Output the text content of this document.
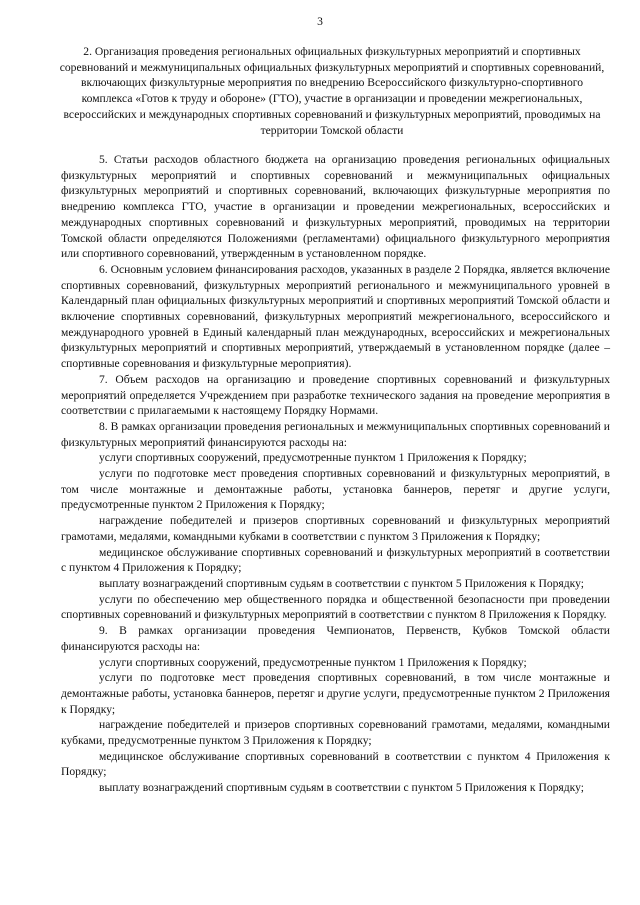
3
2. Организация проведения региональных официальных физкультурных мероприятий и спортивных соревнований и межмуниципальных официальных физкультурных мероприятий и спортивных соревнований, включающих физкультурные мероприятия по внедрению Всероссийского физкультурно-спортивного комплекса «Готов к труду и обороне» (ГТО), участие в организации и проведении межрегиональных, всероссийских и международных спортивных соревнований и физкультурных мероприятий, проводимых на территории Томской области

5. Статьи расходов областного бюджета на организацию проведения региональных официальных физкультурных мероприятий и спортивных соревнований и межмуниципальных официальных физкультурных мероприятий и спортивных соревнований, включающих физкультурные мероприятия по внедрению комплекса ГТО, участие в организации и проведении межрегиональных, всероссийских и международных спортивных соревнований и физкультурных мероприятий, проводимых на территории Томской области определяются Положениями (регламентами) официального физкультурного мероприятия или спортивного соревнований, утвержденным в установленном порядке.

6. Основным условием финансирования расходов, указанных в разделе 2 Порядка, является включение спортивных соревнований, физкультурных мероприятий регионального и межмуниципального уровней в Календарный план официальных физкультурных мероприятий и спортивных мероприятий Томской области и включение спортивных соревнований, физкультурных мероприятий межрегионального, всероссийского и международного уровней в Единый календарный план международных, всероссийских и межрегиональных физкультурных мероприятий и спортивных мероприятий, утверждаемый в установленном порядке (далее – спортивные соревнования и физкультурные мероприятия).

7. Объем расходов на организацию и проведение спортивных соревнований и физкультурных мероприятий определяется Учреждением при разработке технического задания на проведение мероприятия в соответствии с прилагаемыми к настоящему Порядку Нормами.

8. В рамках организации проведения региональных и межмуниципальных спортивных соревнований и физкультурных мероприятий финансируются расходы на:

услуги спортивных сооружений, предусмотренные пунктом 1 Приложения к Порядку;

услуги по подготовке мест проведения спортивных соревнований и физкультурных мероприятий, в том числе монтажные и демонтажные работы, установка баннеров, перетяг и другие услуги, предусмотренные пунктом 2 Приложения к Порядку;

награждение победителей и призеров спортивных соревнований и физкультурных мероприятий грамотами, медалями, командными кубками в соответствии с пунктом 3 Приложения к Порядку;

медицинское обслуживание спортивных соревнований и физкультурных мероприятий в соответствии с пунктом 4 Приложения к Порядку;

выплату вознаграждений спортивным судьям в соответствии с пунктом 5 Приложения к Порядку;

услуги по обеспечению мер общественного порядка и общественной безопасности при проведении спортивных соревнований и физкультурных мероприятий в соответствии с пунктом 8 Приложения к Порядку.

9. В рамках организации проведения Чемпионатов, Первенств, Кубков Томской области финансируются расходы на:

услуги спортивных сооружений, предусмотренные пунктом 1 Приложения к Порядку;

услуги по подготовке мест проведения спортивных соревнований, в том числе монтажные и демонтажные работы, установка баннеров, перетяг и другие услуги, предусмотренные пунктом 2 Приложения к Порядку;

награждение победителей и призеров спортивных соревнований грамотами, медалями, командными кубками, предусмотренные пунктом 3 Приложения к Порядку;

медицинское обслуживание спортивных соревнований в соответствии с пунктом 4 Приложения к Порядку;

выплату вознаграждений спортивным судьям в соответствии с пунктом 5 Приложения к Порядку;
